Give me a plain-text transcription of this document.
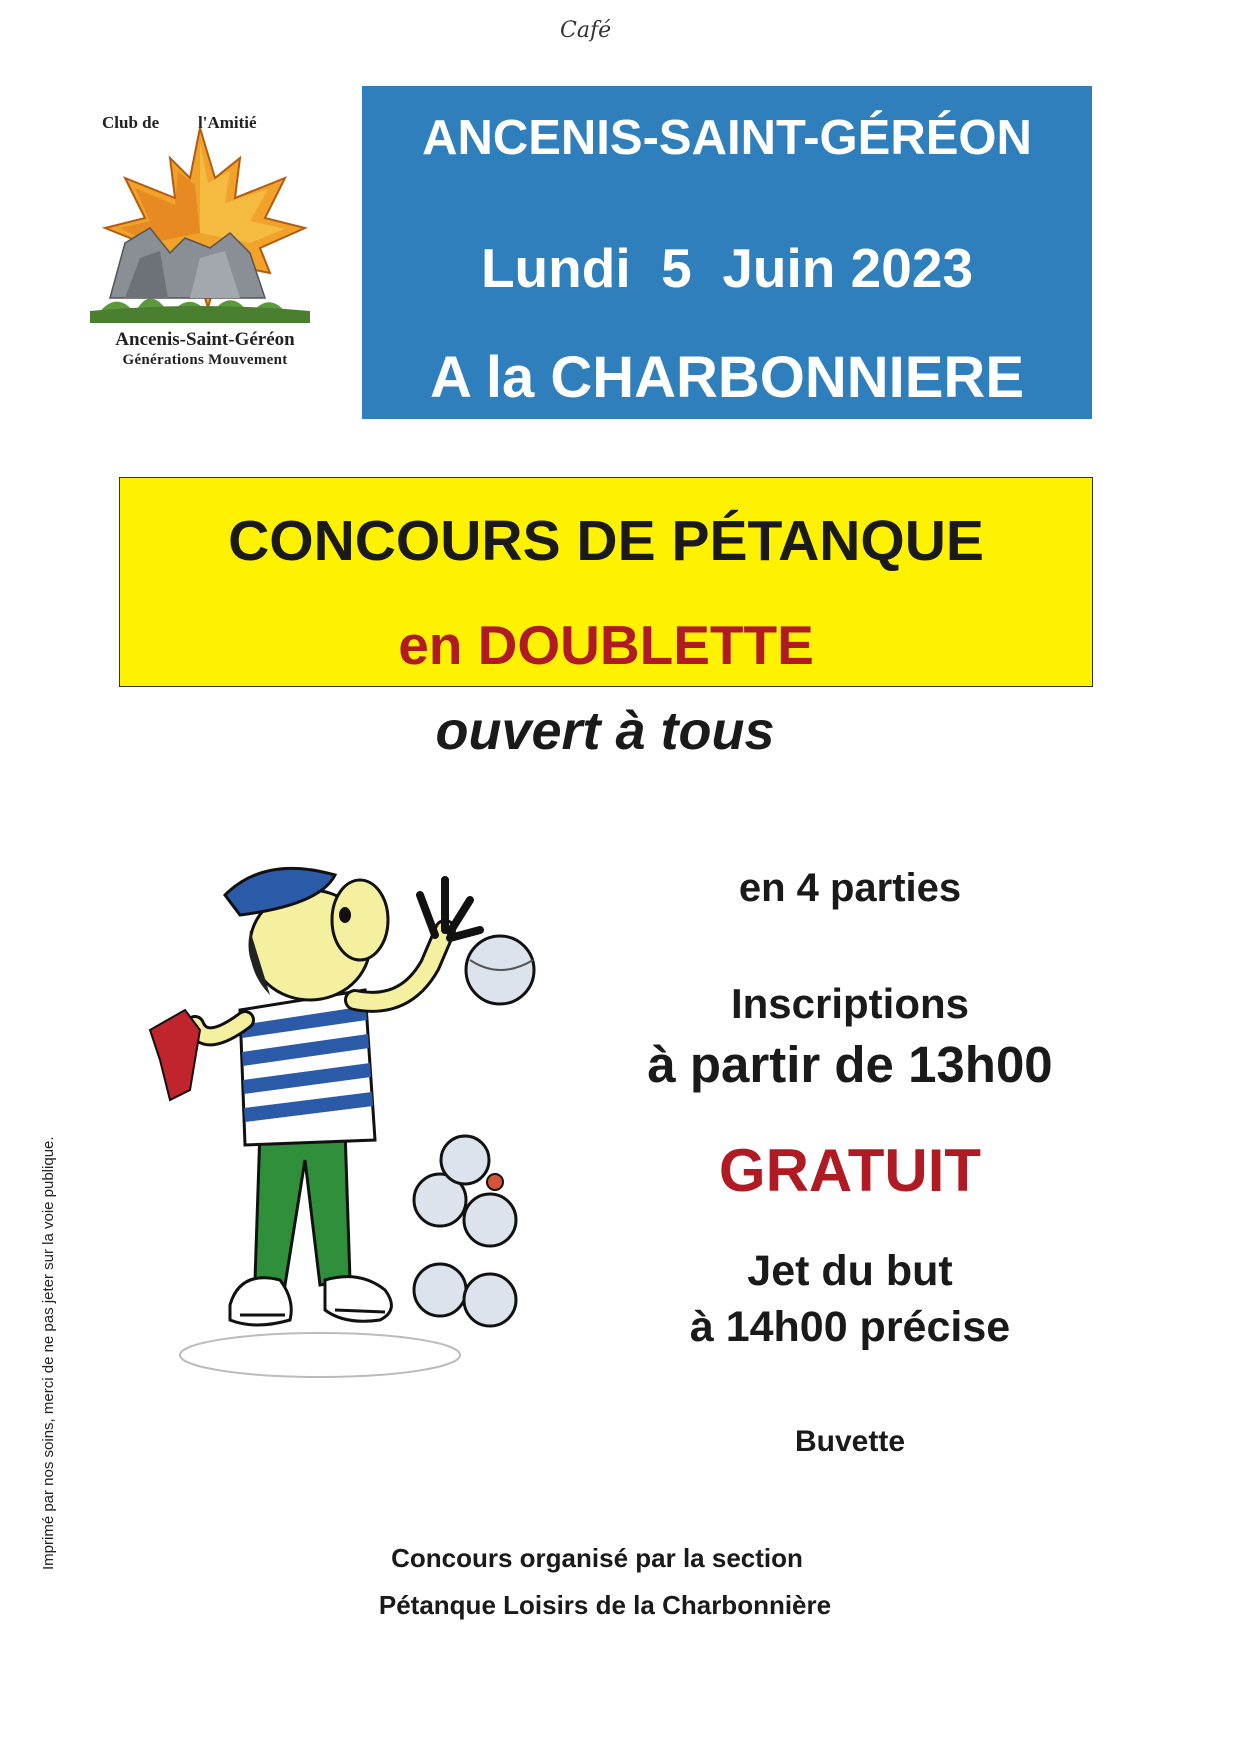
Café
Club de l'Amitié
Ancenis-Saint-Géréon
Générations Mouvement
ANCENIS-SAINT-GÉRÉON
Lundi  5  Juin 2023
A la CHARBONNIERE
CONCOURS DE PÉTANQUE
en DOUBLETTE
ouvert à tous
en 4 parties
Inscriptions
à partir de 13h00
GRATUIT
Jet du but
à 14h00 précise
Buvette
Concours organisé par la section
Pétanque Loisirs de la Charbonnière
Imprimé par nos soins, merci de ne pas jeter sur la voie publique.
